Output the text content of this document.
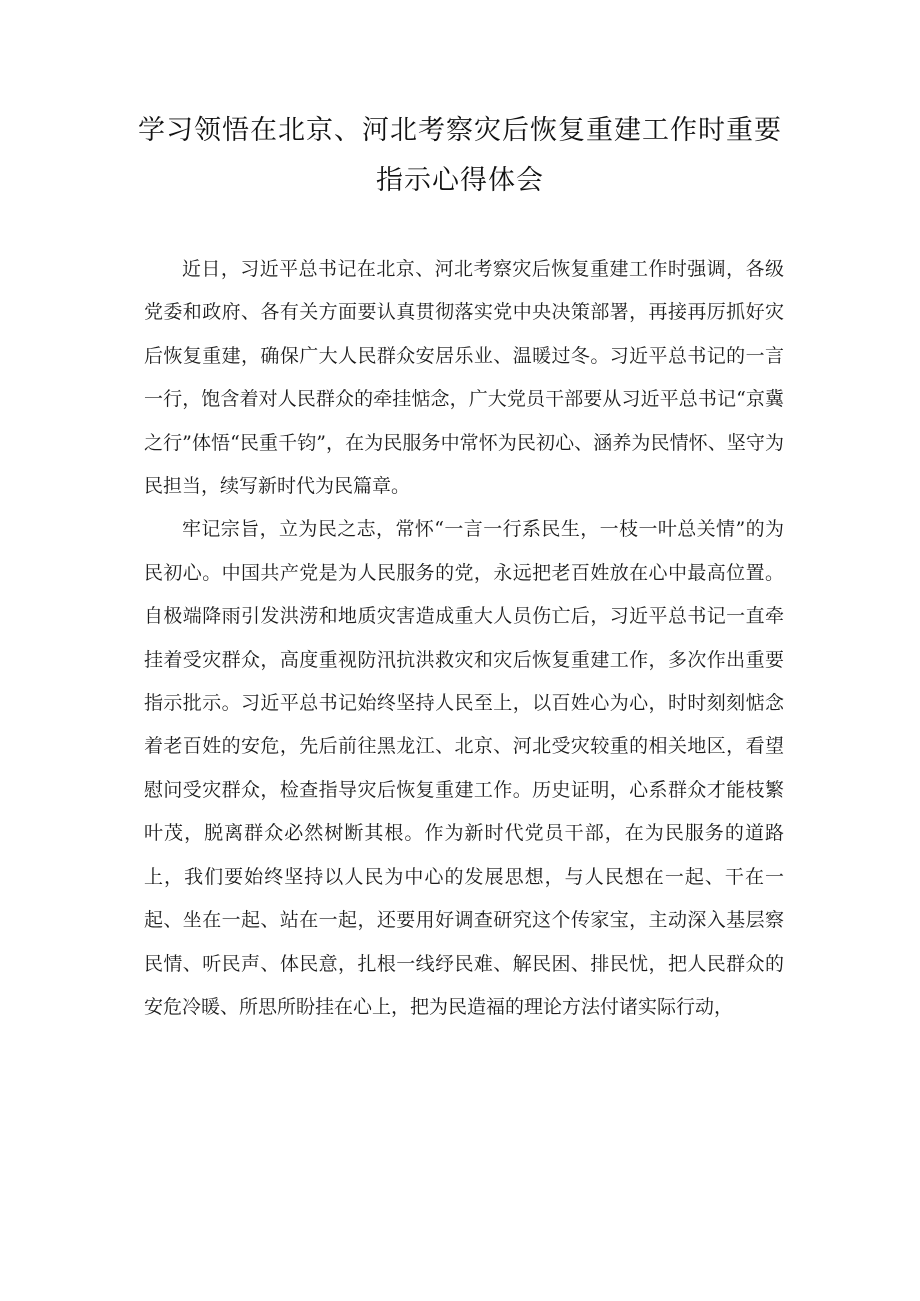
学习领悟在北京、河北考察灾后恢复重建工作时重要
指示心得体会

近日，习近平总书记在北京、河北考察灾后恢复重建工作时强调，各级党委和政府、各有关方面要认真贯彻落实党中央决策部署，再接再厉抓好灾后恢复重建，确保广大人民群众安居乐业、温暖过冬。习近平总书记的一言一行，饱含着对人民群众的牵挂惦念，广大党员干部要从习近平总书记“京冀之行”体悟“民重千钧”，在为民服务中常怀为民初心、涵养为民情怀、坚守为民担当，续写新时代为民篇章。

牢记宗旨，立为民之志，常怀“一言一行系民生，一枝一叶总关情”的为民初心。中国共产党是为人民服务的党，永远把老百姓放在心中最高位置。自极端降雨引发洪涝和地质灾害造成重大人员伤亡后，习近平总书记一直牵挂着受灾群众，高度重视防汛抗洪救灾和灾后恢复重建工作，多次作出重要指示批示。习近平总书记始终坚持人民至上，以百姓心为心，时时刻刻惦念着老百姓的安危，先后前往黑龙江、北京、河北受灾较重的相关地区，看望慰问受灾群众，检查指导灾后恢复重建工作。历史证明，心系群众才能枝繁叶茂，脱离群众必然树断其根。作为新时代党员干部，在为民服务的道路上，我们要始终坚持以人民为中心的发展思想，与人民想在一起、干在一起、坐在一起、站在一起，还要用好调查研究这个传家宝，主动深入基层察民情、听民声、体民意，扎根一线纾民难、解民困、排民忧，把人民群众的安危冷暖、所思所盼挂在心上，把为民造福的理论方法付诸实际行动，
